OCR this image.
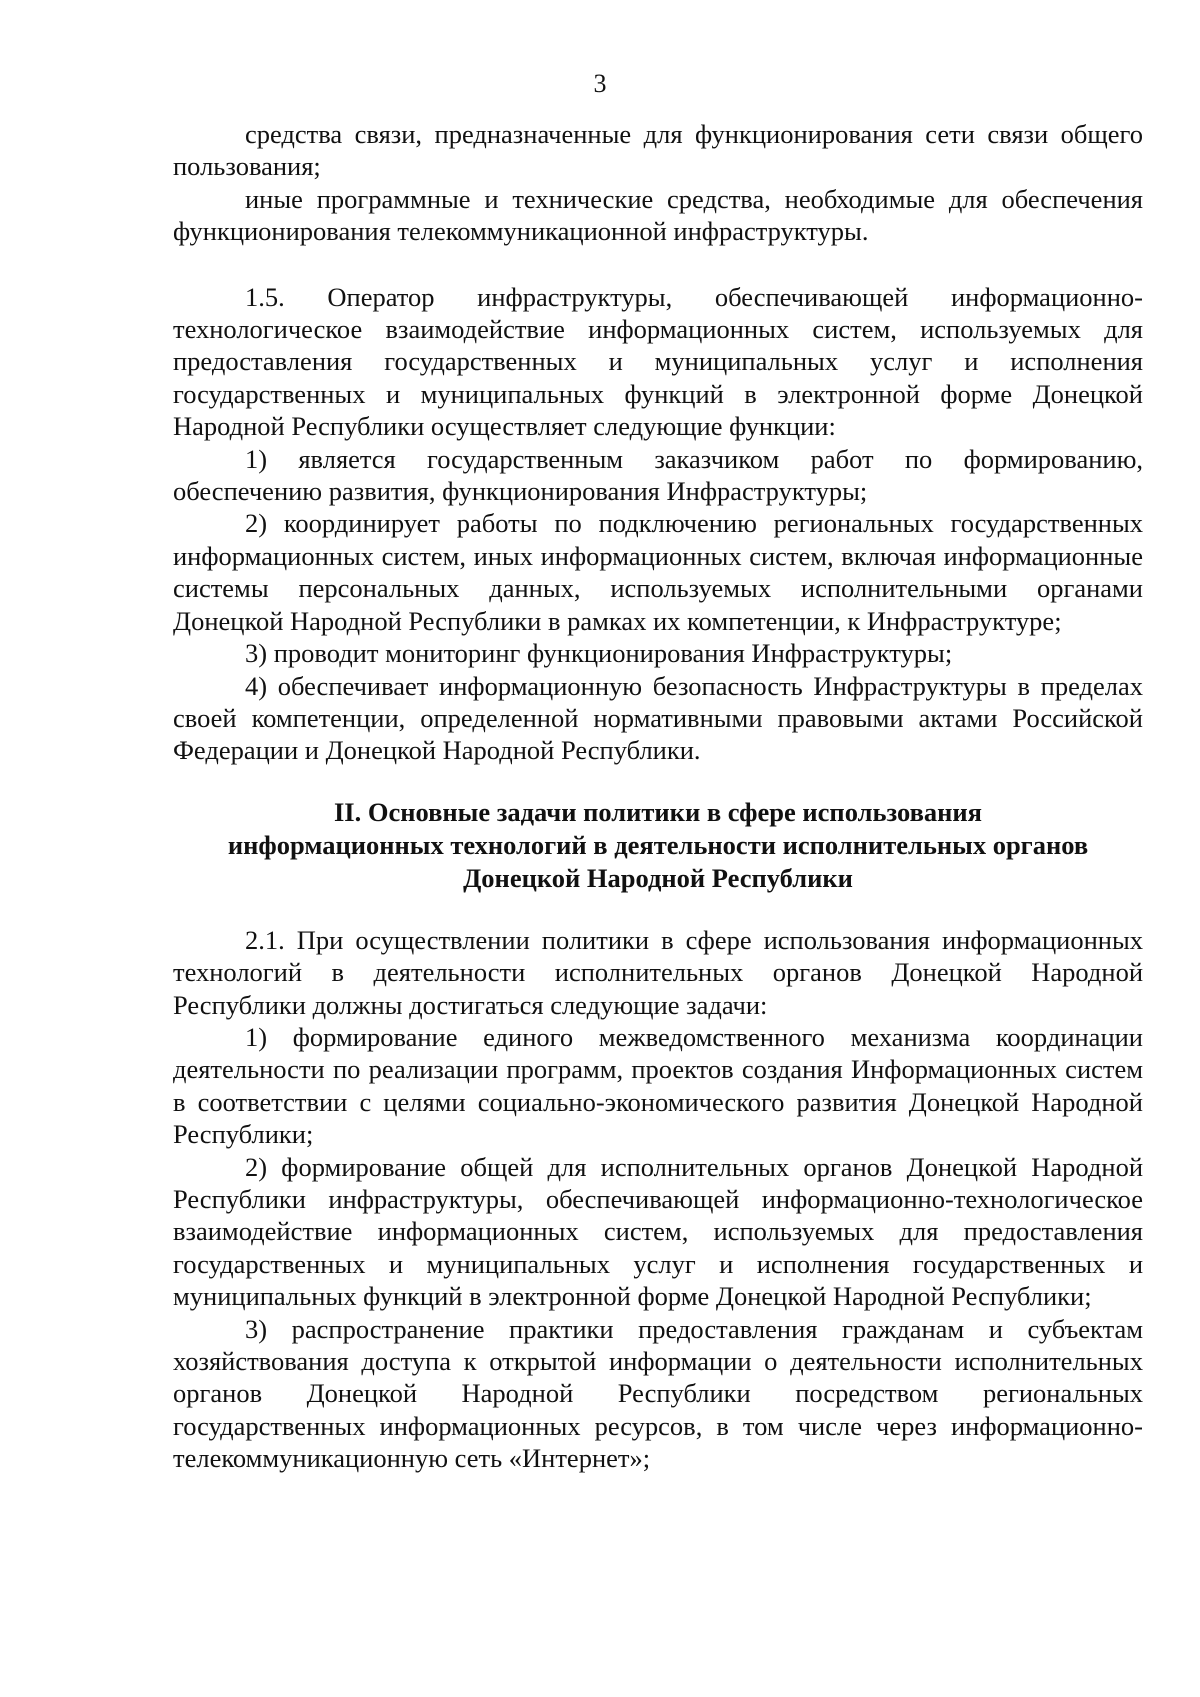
3

средства связи, предназначенные для функционирования сети связи общего пользования;

иные программные и технические средства, необходимые для обеспечения функционирования телекоммуникационной инфраструктуры.

1.5. Оператор инфраструктуры, обеспечивающей информационно-технологическое взаимодействие информационных систем, используемых для предоставления государственных и муниципальных услуг и исполнения государственных и муниципальных функций в электронной форме Донецкой Народной Республики осуществляет следующие функции:

1) является государственным заказчиком работ по формированию, обеспечению развития, функционирования Инфраструктуры;

2) координирует работы по подключению региональных государственных информационных систем, иных информационных систем, включая информационные системы персональных данных, используемых исполнительными органами Донецкой Народной Республики в рамках их компетенции, к Инфраструктуре;

3) проводит мониторинг функционирования Инфраструктуры;

4) обеспечивает информационную безопасность Инфраструктуры в пределах своей компетенции, определенной нормативными правовыми актами Российской Федерации и Донецкой Народной Республики.

II. Основные задачи политики в сфере использования
информационных технологий в деятельности исполнительных органов
Донецкой Народной Республики

2.1. При осуществлении политики в сфере использования информационных технологий в деятельности исполнительных органов Донецкой Народной Республики должны достигаться следующие задачи:

1) формирование единого межведомственного механизма координации деятельности по реализации программ, проектов создания Информационных систем в соответствии с целями социально-экономического развития Донецкой Народной Республики;

2) формирование общей для исполнительных органов Донецкой Народной Республики инфраструктуры, обеспечивающей информационно-технологическое взаимодействие информационных систем, используемых для предоставления государственных и муниципальных услуг и исполнения государственных и муниципальных функций в электронной форме Донецкой Народной Республики;

3) распространение практики предоставления гражданам и субъектам хозяйствования доступа к открытой информации о деятельности исполнительных органов Донецкой Народной Республики посредством региональных государственных информационных ресурсов, в том числе через информационно-телекоммуникационную сеть «Интернет»;
